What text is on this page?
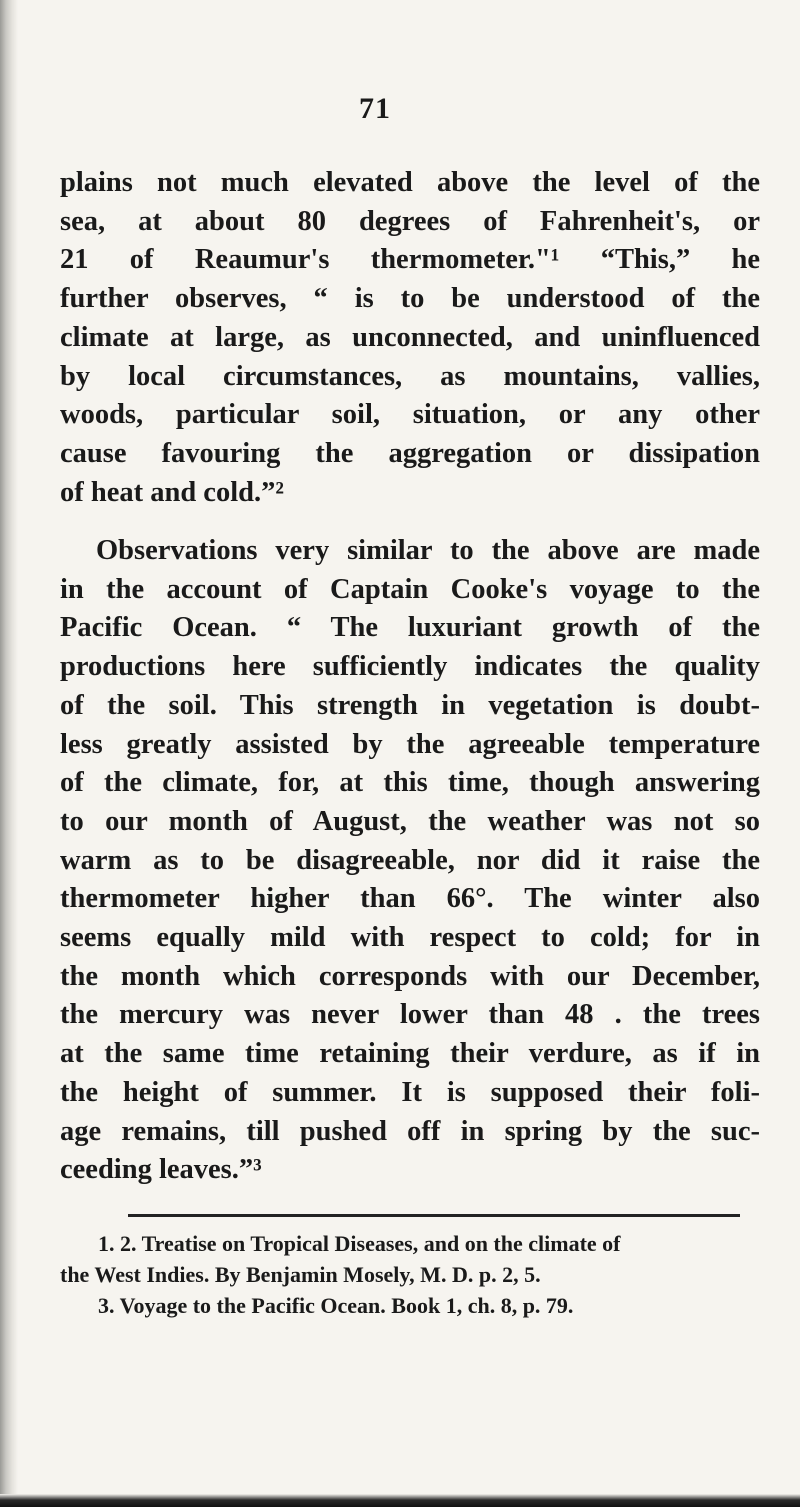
71
plains not much elevated above the level of the
sea, at about 80 degrees of Fahrenheit's, or
21 of Reaumur's thermometer."¹ “This,” he
further observes, “ is to be understood of the
climate at large, as unconnected, and uninfluenced
by local circumstances, as mountains, vallies,
woods, particular soil, situation, or any other
cause favouring the aggregation or dissipation
of heat and cold.”²
Observations very similar to the above are made
in the account of Captain Cooke's voyage to the
Pacific Ocean. “ The luxuriant growth of the
productions here sufficiently indicates the quality
of the soil. This strength in vegetation is doubt-
less greatly assisted by the agreeable temperature
of the climate, for, at this time, though answering
to our month of August, the weather was not so
warm as to be disagreeable, nor did it raise the
thermometer higher than 66°. The winter also
seems equally mild with respect to cold; for in
the month which corresponds with our December,
the mercury was never lower than 48 . the trees
at the same time retaining their verdure, as if in
the height of summer. It is supposed their foli-
age remains, till pushed off in spring by the suc-
ceeding leaves.”³
1. 2. Treatise on Tropical Diseases, and on the climate of
the West Indies. By Benjamin Mosely, M. D. p. 2, 5.
3. Voyage to the Pacific Ocean. Book 1, ch. 8, p. 79.
